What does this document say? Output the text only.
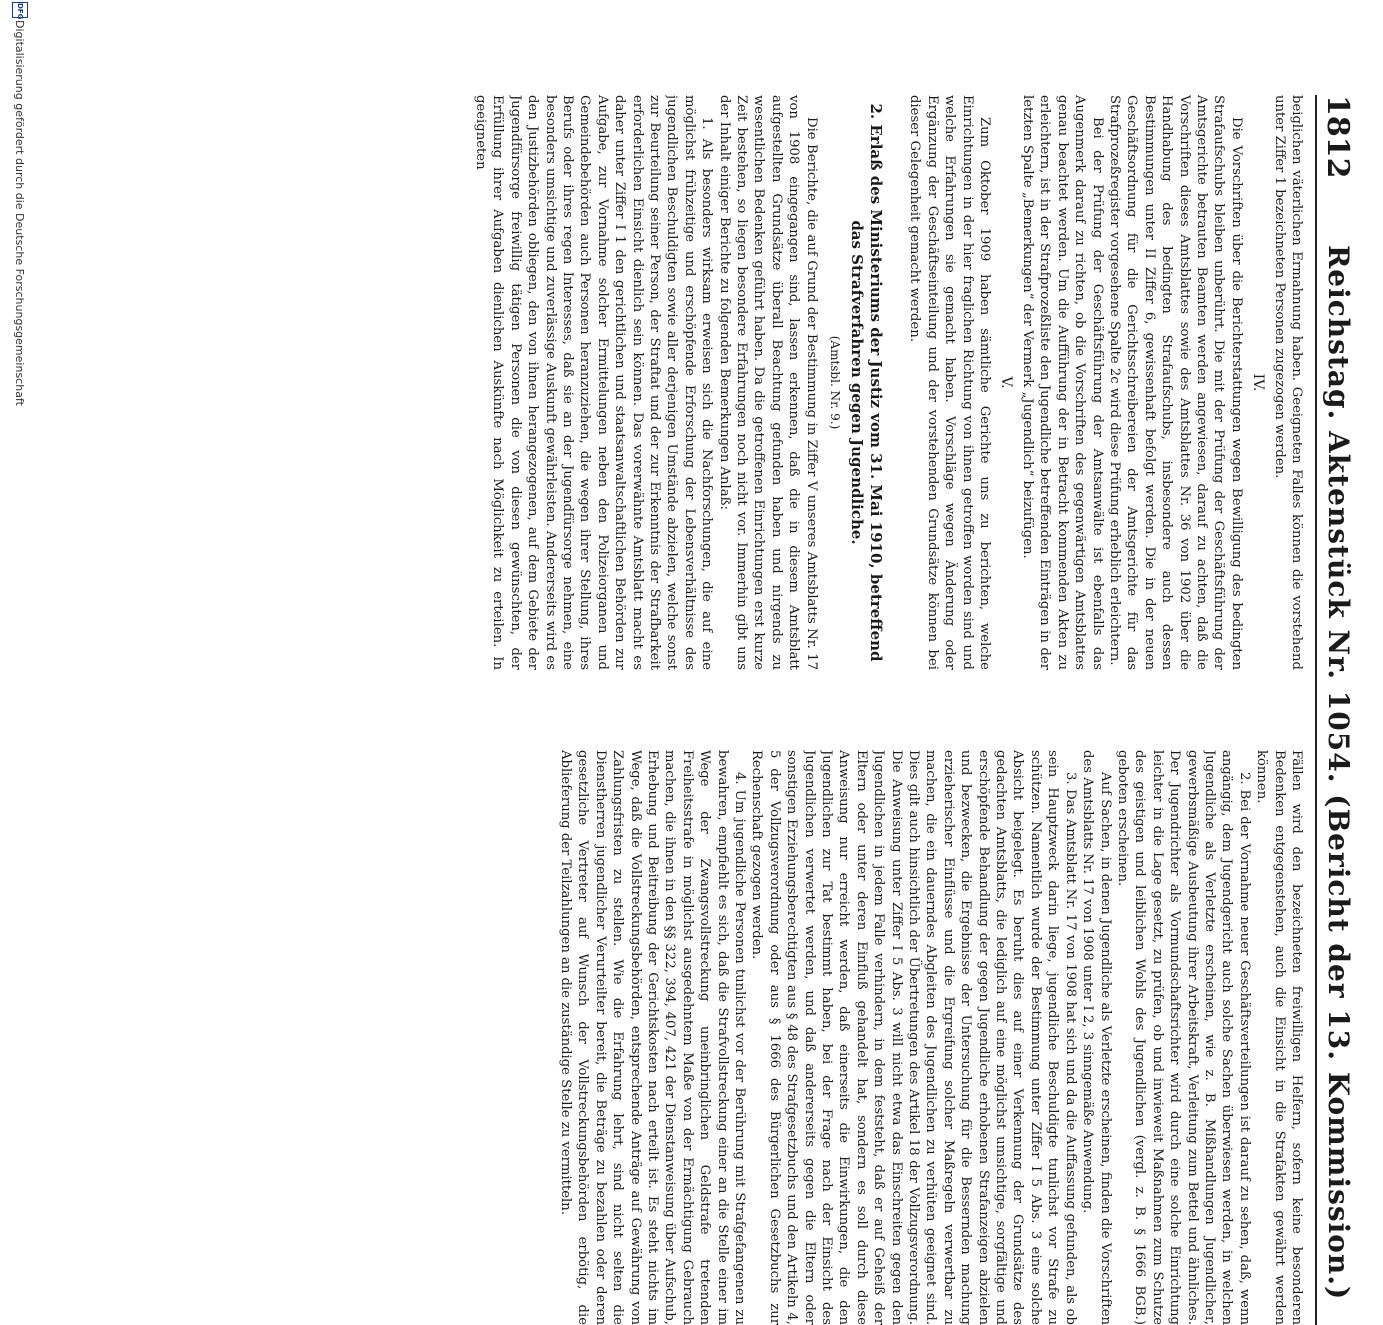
1812
Reichstag. Aktenstück Nr. 1054. (Bericht der 13. Kommission.)

beiglichen väterlichen Ermahnung haben. Geeigneten Falles können die vorstehend unter Ziffer 1 bezeichneten Personen zugezogen werden.

IV.

Die Vorschriften über die Berichterstattungen wegen Bewilligung des bedingten Strafaufschubs bleiben unberührt. Die mit der Prüfung der Geschäftsführung der Amtsgerichte betrauten Beamten werden angewiesen, darauf zu achten, daß die Vorschriften dieses Amtsblattes sowie des Amtsblattes Nr. 36 von 1902 über die Handhabung des bedingten Strafaufschubs, insbesondere auch dessen Bestimmungen unter II Ziffer 6, gewissenhaft befolgt werden. Die in der neuen Geschäftsordnung für die Gerichtsschreibereien der Amtsgerichte für das Strafprozeßregister vorgesehene Spalte 2c wird diese Prüfung erheblich erleichtern.

Bei der Prüfung der Geschäftsführung der Amtsanwälte ist ebenfalls das Augenmerk darauf zu richten, ob die Vorschriften des gegenwärtigen Amtsblattes genau beachtet werden. Um die Aufführung der in Betracht kommenden Akten zu erleichtern, ist in der Strafprozeßliste den Jugendliche betreffenden Einträgen in der letzten Spalte „Bemerkungen“ der Vermerk „Jugendlich“ beizufügen.

V.

Zum Oktober 1909 haben sämtliche Gerichte uns zu berichten, welche Einrichtungen in der hier fraglichen Richtung von ihnen getroffen worden sind und welche Erfahrungen sie gemacht haben. Vorschläge wegen Änderung oder Ergänzung der Geschäftseinteilung und der vorstehenden Grundsätze können bei dieser Gelegenheit gemacht werden.

2. Erlaß des Ministeriums der Justiz vom 31. Mai 1910, betreffend das Strafverfahren gegen Jugendliche.
(Amtsbl. Nr. 9.)

Die Berichte, die auf Grund der Bestimmung in Ziffer V unseres Amtsblatts Nr. 17 von 1908 eingegangen sind, lassen erkennen, daß die in diesem Amtsblatt aufgestellten Grundsätze überall Beachtung gefunden haben und nirgends zu wesentlichen Bedenken geführt haben. Da die getroffenen Einrichtungen erst kurze Zeit bestehen, so liegen besondere Erfahrungen noch nicht vor. Immerhin gibt uns der Inhalt einiger Berichte zu folgenden Bemerkungen Anlaß:

1. Als besonders wirksam erweisen sich die Nachforschungen, die auf eine möglichst frühzeitige und erschöpfende Erforschung der Lebensverhältnisse des jugendlichen Beschuldigten sowie aller derjenigen Umstände abzielen, welche sonst zur Beurteilung seiner Person, der Straftat und der zur Erkenntnis der Strafbarkeit erforderlichen Einsicht dienlich sein können. Das vorerwähnte Amtsblatt macht es daher unter Ziffer I 1 den gerichtlichen und staatsanwaltschaftlichen Behörden zur Aufgabe, zur Vornahme solcher Ermittelungen neben den Polizeiorganen und Gemeindebehörden auch Personen heranzuziehen, die wegen ihrer Stellung, ihres Berufs oder ihres regen Interesses, daß sie an der Jugendfürsorge nehmen, eine besonders umsichtige und zuverlässige Auskunft gewährleisten. Andererseits wird es den Justizbehörden obliegen, den von ihnen herangezogenen, auf dem Gebiete der Jugendfürsorge freiwillig tätigen Personen die von diesen gewünschten, der Erfüllung ihrer Aufgaben dienlichen Auskünfte nach Möglichkeit zu erteilen. In geeigneten

Fällen wird den bezeichneten freiwilligen Helfern, sofern keine besonderen Bedenken entgegenstehen, auch die Einsicht in die Strafakten gewährt werden können.

2. Bei der Vornahme neuer Geschäftsverteilungen ist darauf zu sehen, daß, wenn angängig, dem Jugendgericht auch solche Sachen überwiesen werden, in welchen Jugendliche als Verletzte erscheinen, wie z. B. Mißhandlungen Jugendlicher, gewerbsmäßige Ausbeutung ihrer Arbeitskraft, Verleitung zum Bettel und ähnliches. Der Jugendrichter als Vormundschaftsrichter wird durch eine solche Einrichtung leichter in die Lage gesetzt, zu prüfen, ob und inwieweit Maßnahmen zum Schutze des geistigen und leiblichen Wohls des Jugendlichen (vergl. z. B. § 1666 BGB.) geboten erscheinen.

Auf Sachen, in denen Jugendliche als Verletzte erscheinen, finden die Vorschriften des Amtsblatts Nr. 17 von 1908 unter I 2, 3 sinngemäße Anwendung.

3. Das Amtsblatt Nr. 17 von 1908 hat sich und da die Auffassung gefunden, als ob sein Hauptzweck darin liege, jugendliche Beschuldigte tunlichst vor Strafe zu schützen. Namentlich wurde der Bestimmung unter Ziffer I 5 Abs. 3 eine solche Absicht beigelegt. Es beruht dies auf einer Verkennung der Grundsätze des gedachten Amtsblatts, die lediglich auf eine möglichst umsichtige, sorgfältige und erschöpfende Behandlung der gegen Jugendliche erhobenen Strafanzeigen abzielen und bezwecken, die Ergebnisse der Untersuchung für die Bessernden machung erzieherischer Einflüsse und die Ergreifung solcher Maßregeln verwertbar zu machen, die ein dauerndes Abgleiten des Jugendlichen zu verhüten geeignet sind. Dies gilt auch hinsichtlich der Übertretungen des Artikel 18 der Vollzugsverordnung. Die Anweisung unter Ziffer I 5 Abs. 3 will nicht etwa das Einschreiten gegen den Jugendlichen in jedem Falle verhindern, in dem feststeht, daß er auf Geheiß der Eltern oder unter deren Einfluß gehandelt hat, sondern es soll durch diese Anweisung nur erreicht werden, daß einerseits die Einwirkungen, die den Jugendlichen zur Tat bestimmt haben, bei der Frage nach der Einsicht des Jugendlichen verwertet werden, und daß andererseits gegen die Eltern oder sonstigen Erziehungsberechtigten aus § 48 des Strafgesetzbuchs und den Artikeln 4, 5 der Vollzugsverordnung oder aus § 1666 des Bürgerlichen Gesetzbuchs zur Rechenschaft gezogen werden.

4. Um jugendliche Personen tunlichst vor der Berührung mit Strafgefangenen zu bewahren, empfiehlt es sich, daß die Strafvollstreckung einer an die Stelle einer im Wege der Zwangsvollstreckung uneinbringlichen Geldstrafe tretenden Freiheitsstrafe in möglichst ausgedehntem Maße von der Ermächtigung Gebrauch machen, die ihnen in den §§ 322, 394, 407, 421 der Dienstanweisung über Aufschub, Erhebung und Beitreibung der Gerichtskosten nach erteilt ist. Es steht nichts im Wege, daß die Vollstreckungsbehörden, entsprechende Anträge auf Gewährung von Zahlungsfristen zu stellen. Wie die Erfahrung lehrt, sind nicht selten die Dienstherren jugendlicher Verurteilter bereit, die Beträge zu bezahlen oder deren gesetzliche Vertreter auf Wunsch der Vollstreckungsbehörden erbötig, die Ablieferung der Teilzahlungen an die zuständige Stelle zu vermitteln.

DFG
Digitalisierung gefördert durch die Deutsche Forschungsgemeinschaft
